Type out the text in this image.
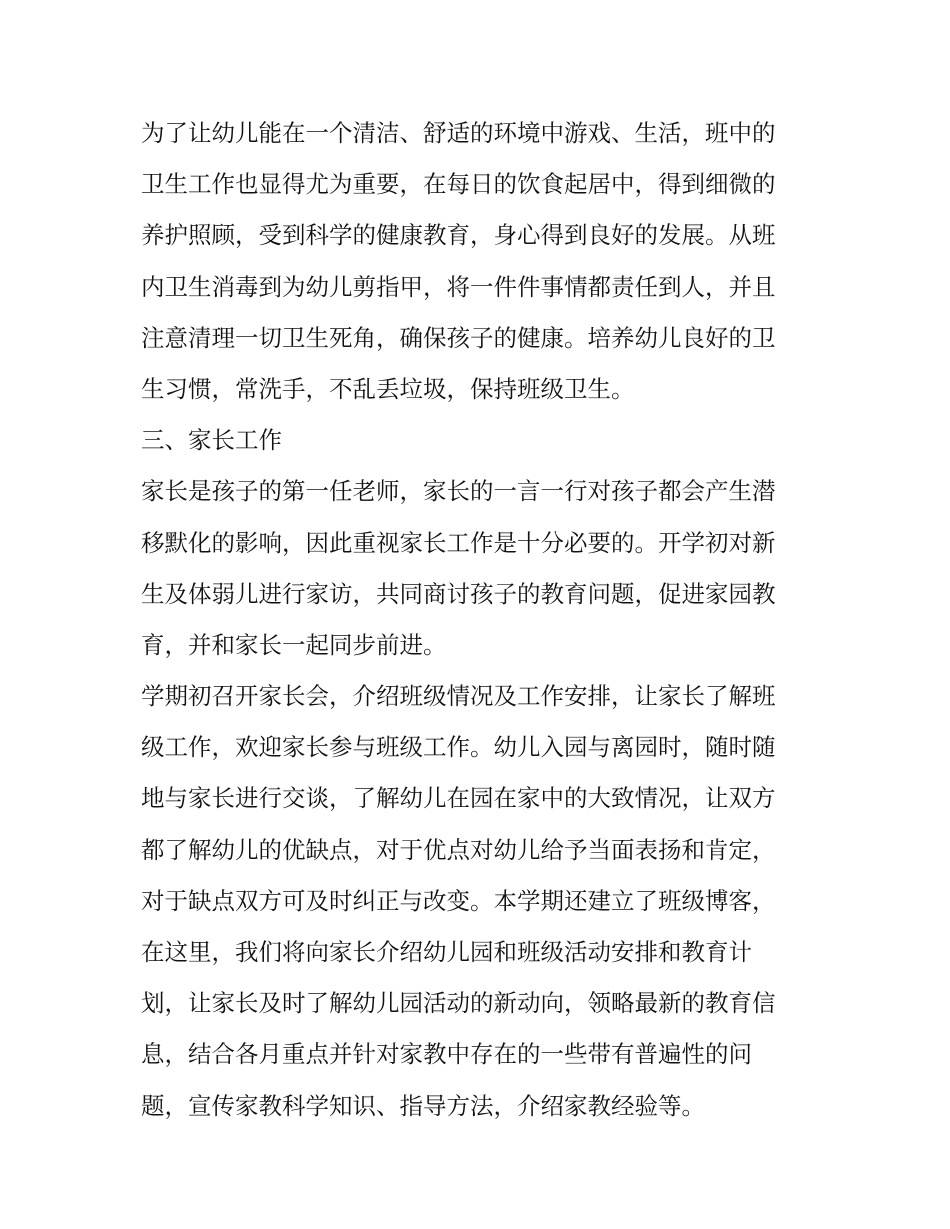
为了让幼儿能在一个清洁、舒适的环境中游戏、生活，班中的
卫生工作也显得尤为重要，在每日的饮食起居中，得到细微的
养护照顾，受到科学的健康教育，身心得到良好的发展。从班
内卫生消毒到为幼儿剪指甲，将一件件事情都责任到人，并且
注意清理一切卫生死角，确保孩子的健康。培养幼儿良好的卫
生习惯，常洗手，不乱丢垃圾，保持班级卫生。
三、家长工作
家长是孩子的第一任老师，家长的一言一行对孩子都会产生潜
移默化的影响，因此重视家长工作是十分必要的。开学初对新
生及体弱儿进行家访，共同商讨孩子的教育问题，促进家园教
育，并和家长一起同步前进。
学期初召开家长会，介绍班级情况及工作安排，让家长了解班
级工作，欢迎家长参与班级工作。幼儿入园与离园时，随时随
地与家长进行交谈，了解幼儿在园在家中的大致情况，让双方
都了解幼儿的优缺点，对于优点对幼儿给予当面表扬和肯定，
对于缺点双方可及时纠正与改变。本学期还建立了班级博客，
在这里，我们将向家长介绍幼儿园和班级活动安排和教育计
划，让家长及时了解幼儿园活动的新动向，领略最新的教育信
息，结合各月重点并针对家教中存在的一些带有普遍性的问
题，宣传家教科学知识、指导方法，介绍家教经验等。
